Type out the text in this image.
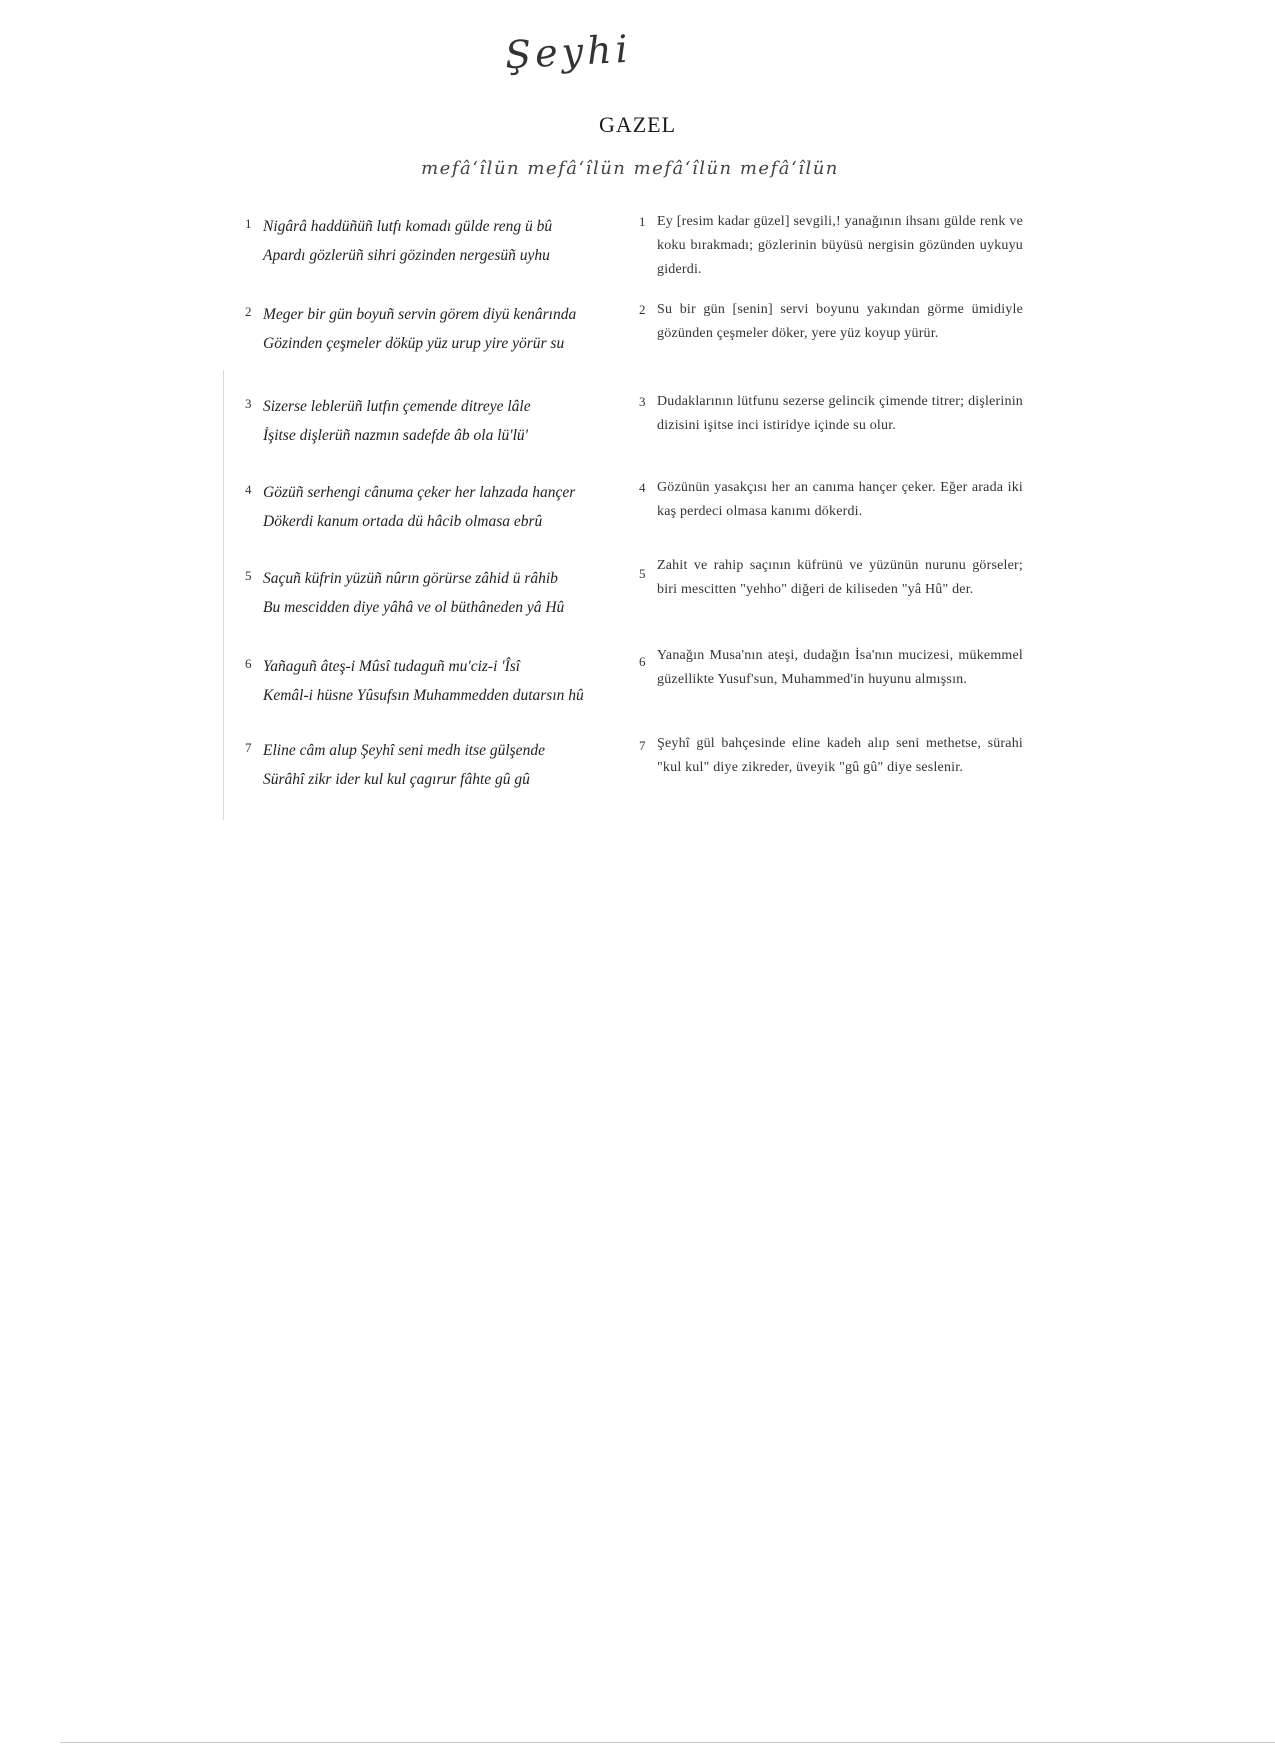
Şeyhi
GAZEL
mefâ‘îlün mefâ‘îlün mefâ‘îlün mefâ‘îlün
1 Nigârâ haddüñüñ lutfı komadı gülde reng ü bû
Apardı gözlerüñ sihri gözinden nergesüñ uyhu
1 Ey [resim kadar güzel] sevgili,! yanağının ihsanı gülde renk ve koku bırakmadı; gözlerinin büyüsü nergisin gözünden uykuyu giderdi.
2 Meger bir gün boyuñ servin görem diyü kenârında
Gözinden çeşmeler döküp yüz urup yire yörür su
2 Su bir gün [senin] servi boyunu yakından görme ümidiyle gözünden çeşmeler döker, yere yüz koyup yürür.
3 Sizerse leblerüñ lutfın çemende ditreye lâle
İşitse dişlerüñ nazmın sadefde âb ola lü'lü'
3 Dudaklarının lütfunu sezerse gelincik çimende titrer; dişlerinin dizisini işitse inci istiridye içinde su olur.
4 Gözüñ serhengi cânuma çeker her lahzada hançer
Dökerdi kanum ortada dü hâcib olmasa ebrû
4 Gözünün yasakçısı her an canıma hançer çeker. Eğer arada iki kaş perdeci olmasa kanımı dökerdi.
5 Saçuñ küfrin yüzüñ nûrın görürse zâhid ü râhib
Bu mescidden diye yâhâ ve ol büthâneden yâ Hû
5
Zahit ve rahip saçının küfrünü ve yüzünün nurunu görseler; biri mescitten "yehho" diğeri de kiliseden "yâ Hû" der.
6 Yañaguñ âteş-i Mûsî tudaguñ mu'ciz-i 'Îsî
Kemâl-i hüsne Yûsufsın Muhammedden dutarsın hû
6 Yanağın Musa'nın ateşi, dudağın İsa'nın mucizesi, mükemmel güzellikte Yusuf'sun, Muhammed'in huyunu almışsın.
7 Eline câm alup Şeyhî seni medh itse gülşende
Sürâhî zikr ider kul kul çagırur fâhte gû gû
7 Şeyhî gül bahçesinde eline kadeh alıp seni methetse, sürahi "kul kul" diye zikreder, üveyik "gû gû" diye seslenir.
